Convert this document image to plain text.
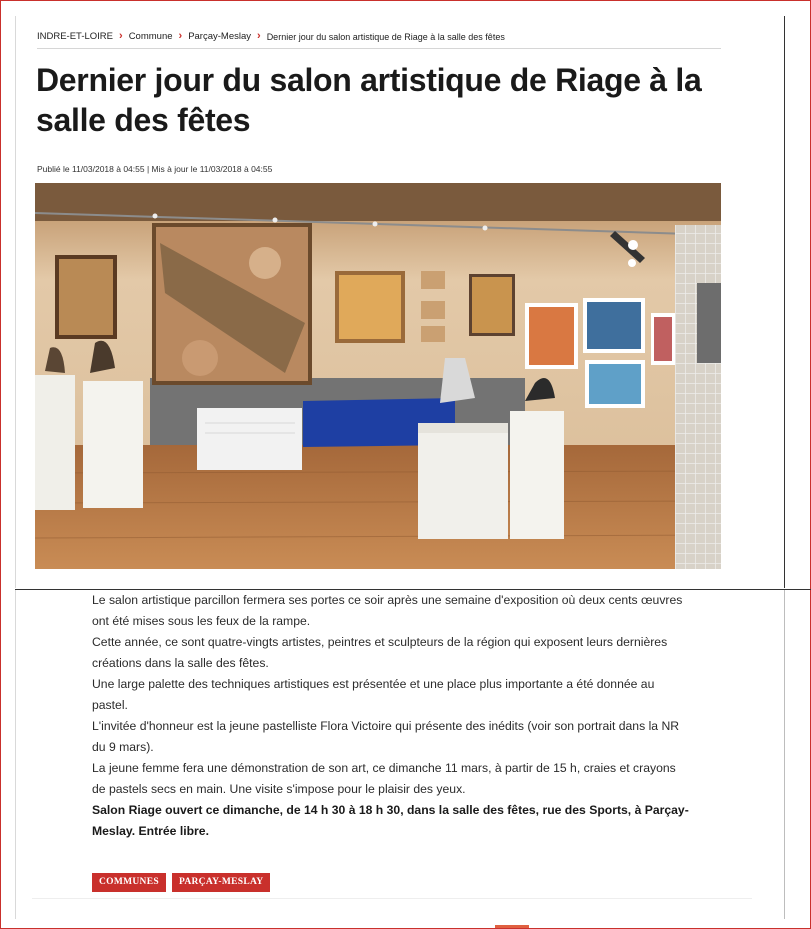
INDRE-ET-LOIRE › Commune › Parçay-Meslay › Dernier jour du salon artistique de Riage à la salle des fêtes
Dernier jour du salon artistique de Riage à la salle des fêtes
Publié le 11/03/2018 à 04:55 | Mis à jour le 11/03/2018 à 04:55

Le salon artistique parcillon fermera ses portes ce soir après une semaine d'exposition où deux cents œuvres ont été mises sous les feux de la rampe.

Cette année, ce sont quatre-vingts artistes, peintres et sculpteurs de la région qui exposent leurs dernières créations dans la salle des fêtes.

Une large palette des techniques artistiques est présentée et une place plus importante a été donnée au pastel.

L'invitée d'honneur est la jeune pastelliste Flora Victoire qui présente des inédits (voir son portrait dans la NR du 9 mars).

La jeune femme fera une démonstration de son art, ce dimanche 11 mars, à partir de 15 h, craies et crayons de pastels secs en main. Une visite s'impose pour le plaisir des yeux.

Salon Riage ouvert ce dimanche, de 14 h 30 à 18 h 30, dans la salle des fêtes, rue des Sports, à Parçay-Meslay. Entrée libre.

COMMUNES	PARÇAY-MESLAY
